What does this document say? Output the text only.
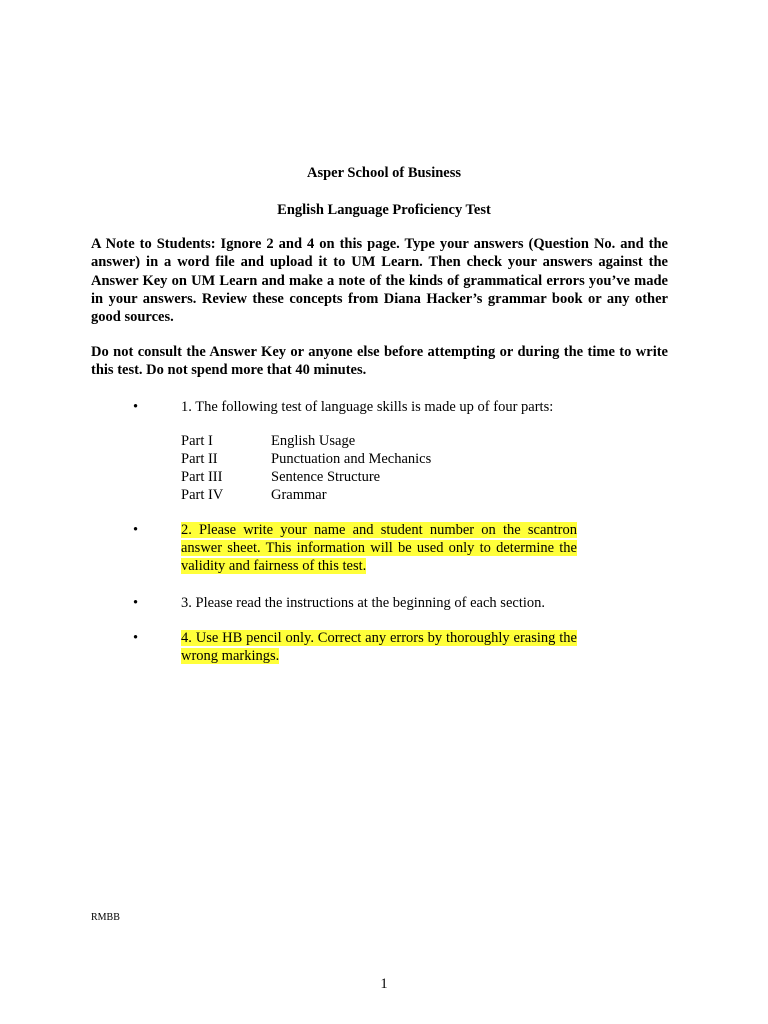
Asper School of Business
English Language Proficiency Test
A Note to Students: Ignore 2 and 4 on this page. Type your answers (Question No. and the answer) in a word file and upload it to UM Learn. Then check your answers against the Answer Key on UM Learn and make a note of the kinds of grammatical errors you’ve made in your answers. Review these concepts from Diana Hacker’s grammar book or any other good sources.
Do not consult the Answer Key or anyone else before attempting or during the time to write this test. Do not spend more that 40 minutes.
•	1. The following test of language skills is made up of four parts:
Part I	English Usage
Part II	Punctuation and Mechanics
Part III	Sentence Structure
Part IV	Grammar
•	2. Please write your name and student number on the scantron answer sheet. This information will be used only to determine the validity and fairness of this test.
•	3. Please read the instructions at the beginning of each section.
•	4. Use HB pencil only. Correct any errors by thoroughly erasing the wrong markings.
RMBB
1
